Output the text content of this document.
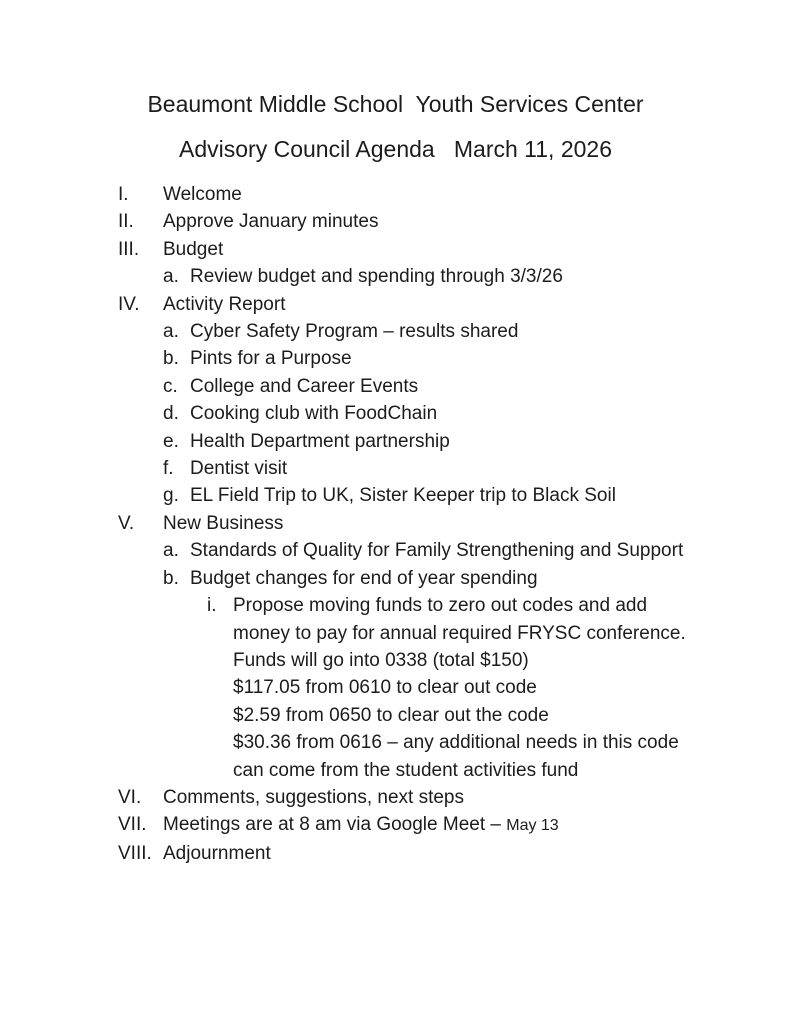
Beaumont Middle School  Youth Services Center
Advisory Council Agenda   March 11, 2026
I.	Welcome
II.	Approve January minutes
III.	Budget
a. Review budget and spending through 3/3/26
IV.	Activity Report
a. Cyber Safety Program – results shared
b. Pints for a Purpose
c. College and Career Events
d. Cooking club with FoodChain
e. Health Department partnership
f. Dentist visit
g. EL Field Trip to UK, Sister Keeper trip to Black Soil
V.	New Business
a. Standards of Quality for Family Strengthening and Support
b. Budget changes for end of year spending
i. Propose moving funds to zero out codes and add
money to pay for annual required FRYSC conference.
Funds will go into 0338 (total $150)
$117.05 from 0610 to clear out code
$2.59 from 0650 to clear out the code
$30.36 from 0616 – any additional needs in this code
can come from the student activities fund
VI.	Comments, suggestions, next steps
VII. Meetings are at 8 am via Google Meet – May 13
VIII. Adjournment
